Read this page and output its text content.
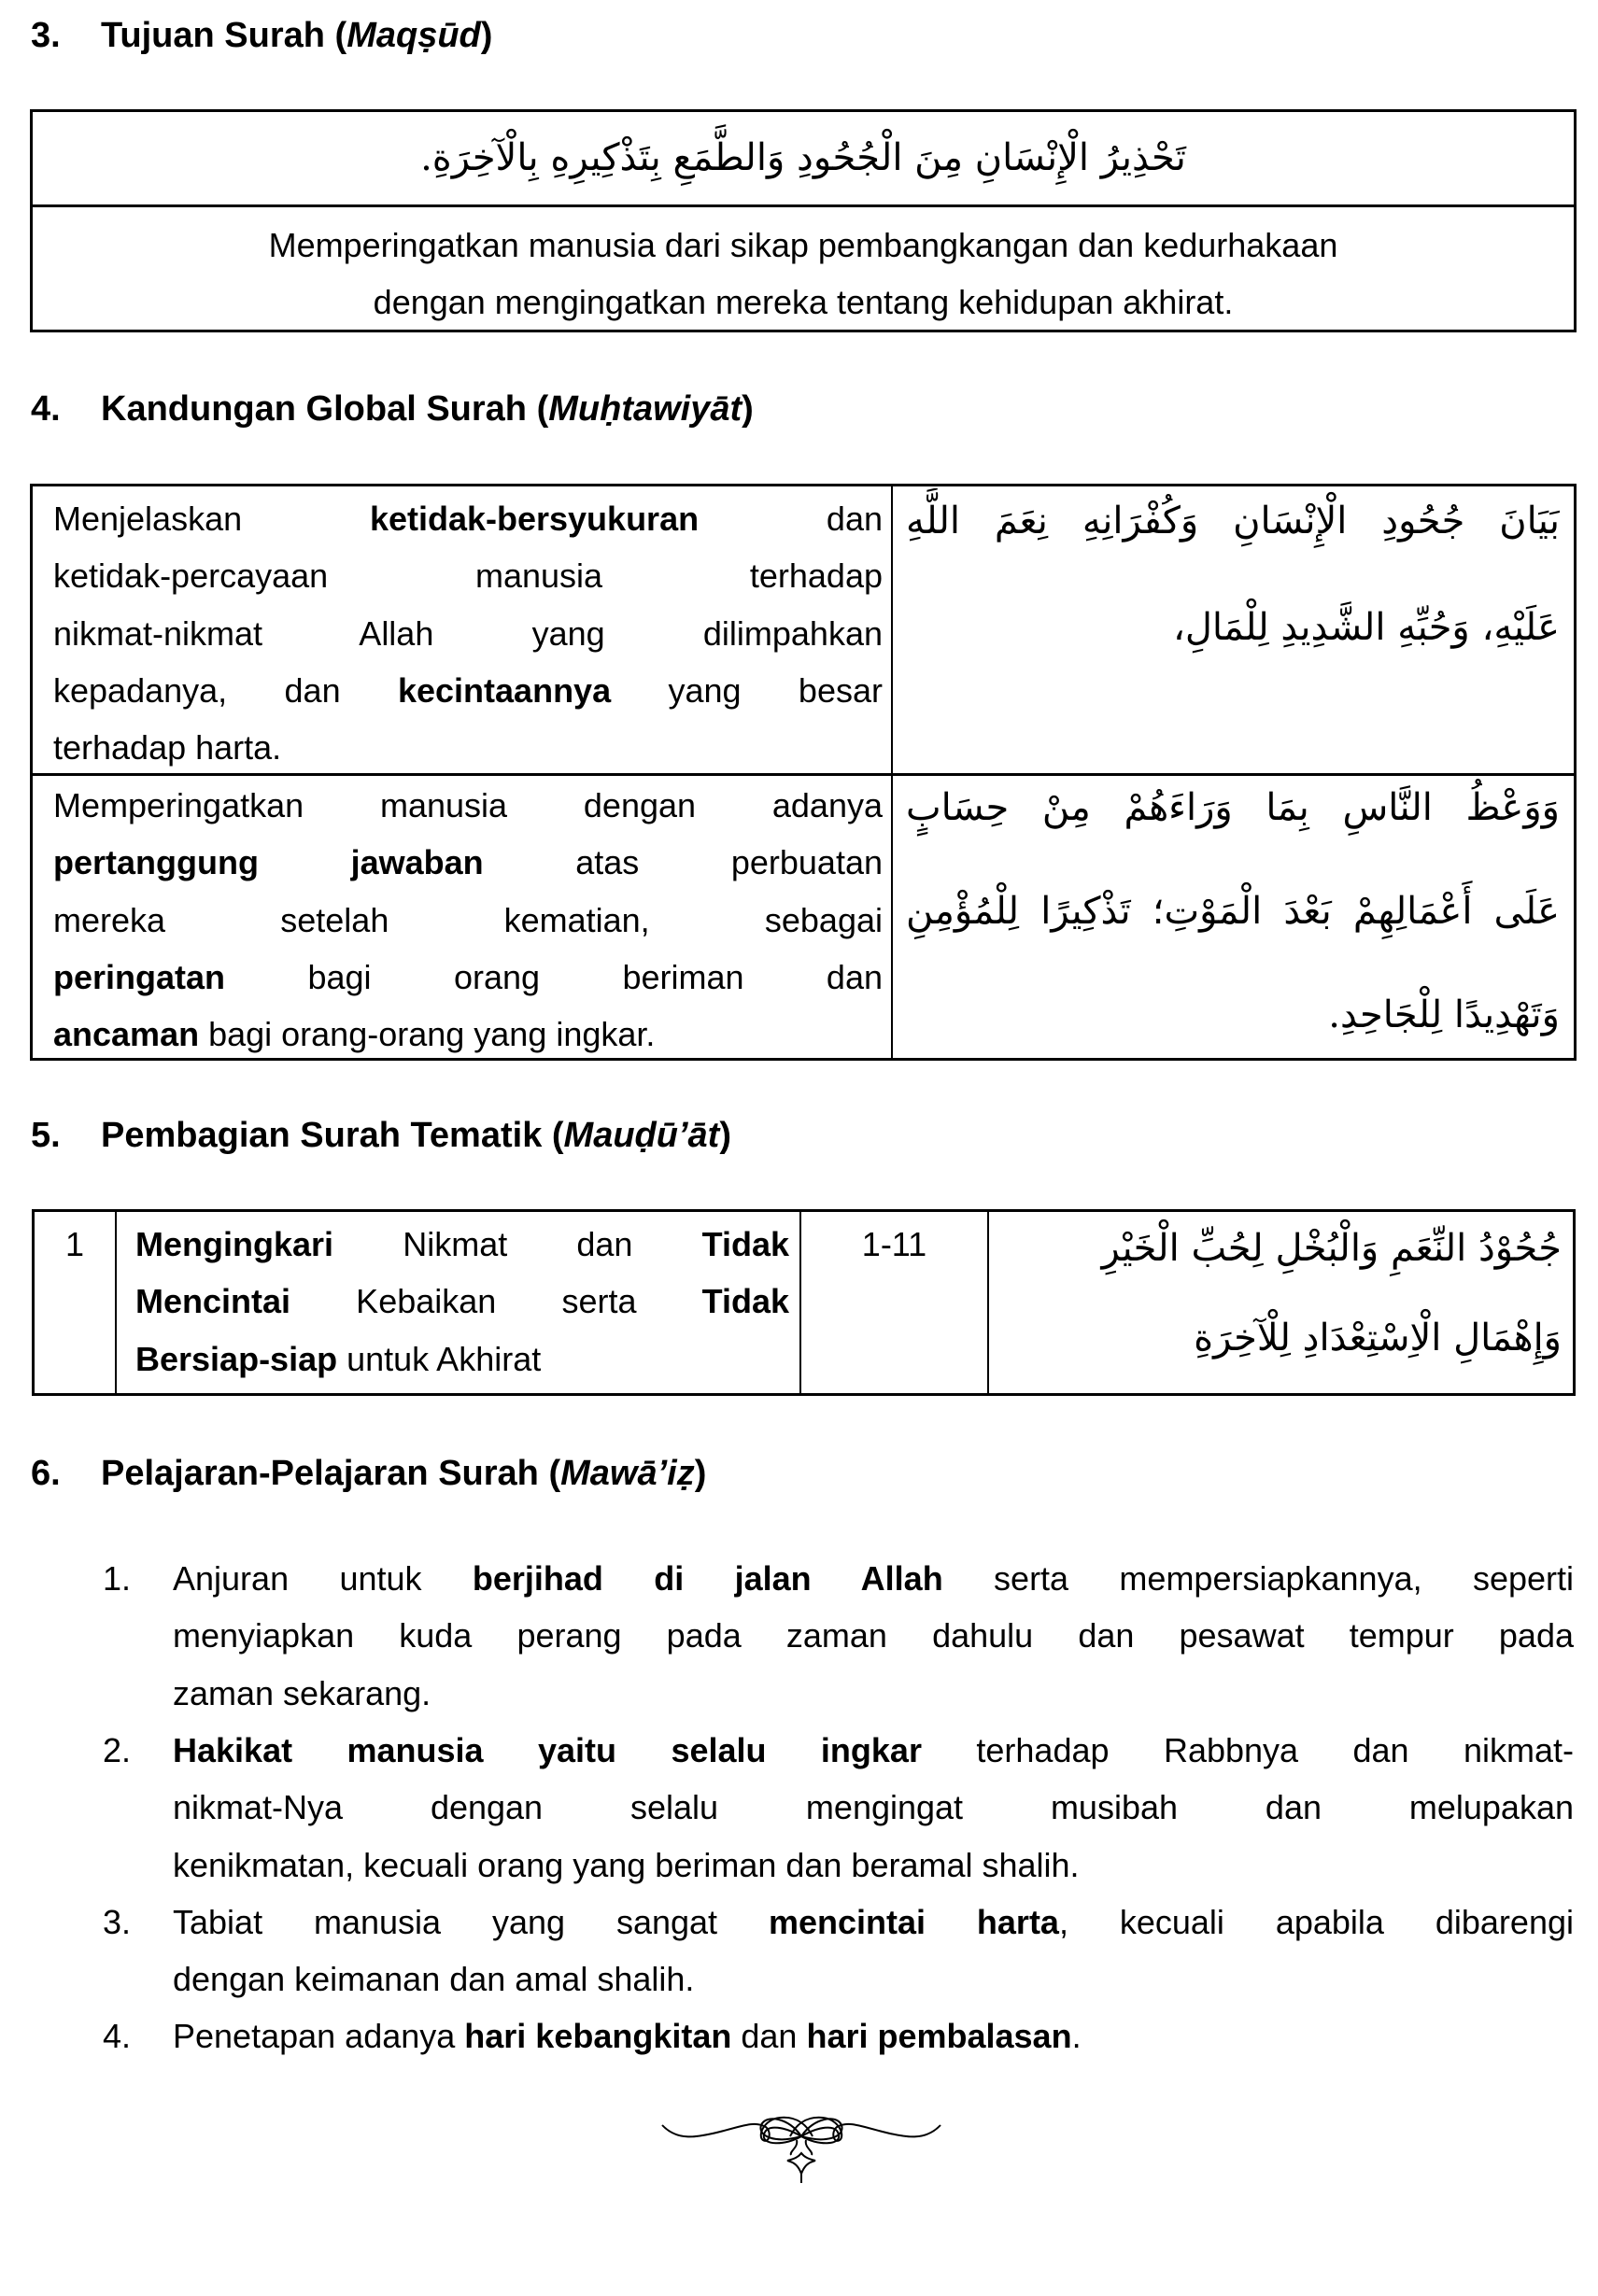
3. Tujuan Surah (Maqṣūd)
تَحْذِيرُ الْإِنْسَانِ مِنَ الْجُحُودِ وَالطَّمَعِ بِتَذْكِيرِهِ بِالْآخِرَةِ.
Memperingatkan manusia dari sikap pembangkangan dan kedurhakaan
dengan mengingatkan mereka tentang kehidupan akhirat.
4. Kandungan Global Surah (Muḥtawiyāt)
Menjelaskan ketidak-bersyukuran dan
ketidak-percayaan manusia terhadap
nikmat-nikmat Allah yang dilimpahkan
kepadanya, dan kecintaannya yang besar
terhadap harta.
بَيَانَ جُحُودِ الْإِنْسَانِ وَكُفْرَانِهِ نِعَمَ اللَّهِ
عَلَيْهِ، وَحُبِّهِ الشَّدِيدِ لِلْمَالِ،
Memperingatkan manusia dengan adanya
pertanggung jawaban atas perbuatan
mereka setelah kematian, sebagai
peringatan bagi orang beriman dan
ancaman bagi orang-orang yang ingkar.
وَوَعْظُ النَّاسِ بِمَا وَرَاءَهُمْ مِنْ حِسَابٍ
عَلَى أَعْمَالِهِمْ بَعْدَ الْمَوْتِ؛ تَذْكِيرًا لِلْمُؤْمِنِ
وَتَهْدِيدًا لِلْجَاحِدِ.
5. Pembagian Surah Tematik (Mauḍū’āt)
1	Mengingkari Nikmat dan Tidak
Mencintai Kebaikan serta Tidak
Bersiap-siap untuk Akhirat
1-11	جُحُوْدُ النِّعَمِ وَالْبُخْلِ لِحُبِّ الْخَيْرِ
وَإِهْمَالِ الْاِسْتِعْدَادِ لِلْآخِرَةِ
6. Pelajaran-Pelajaran Surah (Mawā’iẓ)
1. Anjuran untuk berjihad di jalan Allah serta mempersiapkannya, seperti
menyiapkan kuda perang pada zaman dahulu dan pesawat tempur pada
zaman sekarang.
2. Hakikat manusia yaitu selalu ingkar terhadap Rabbnya dan nikmat-
nikmat-Nya dengan selalu mengingat musibah dan melupakan
kenikmatan, kecuali orang yang beriman dan beramal shalih.
3. Tabiat manusia yang sangat mencintai harta, kecuali apabila dibarengi
dengan keimanan dan amal shalih.
4. Penetapan adanya hari kebangkitan dan hari pembalasan.
